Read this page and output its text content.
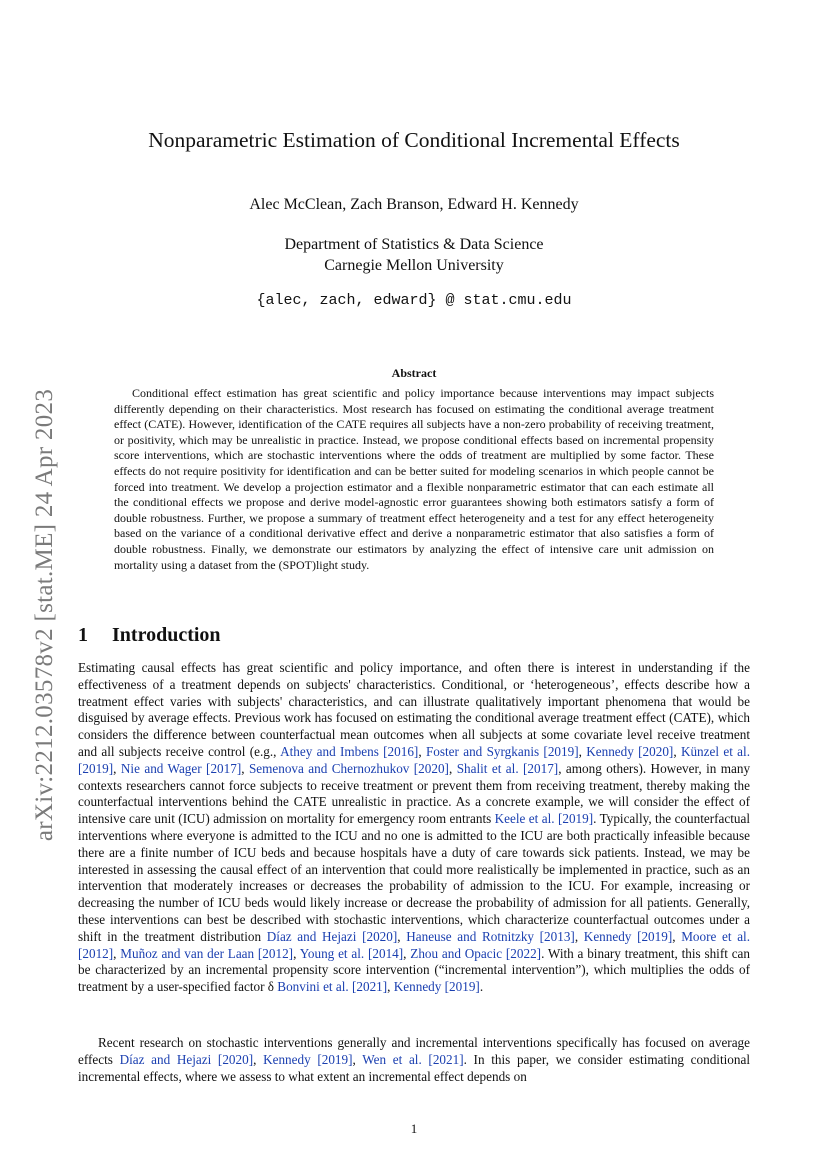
arXiv:2212.03578v2 [stat.ME] 24 Apr 2023
Nonparametric Estimation of Conditional Incremental Effects
Alec McClean, Zach Branson, Edward H. Kennedy
Department of Statistics & Data Science
Carnegie Mellon University
{alec, zach, edward} @ stat.cmu.edu
Abstract

Conditional effect estimation has great scientific and policy importance because interventions may impact subjects differently depending on their characteristics. Most research has focused on estimating the conditional average treatment effect (CATE). However, identification of the CATE requires all subjects have a non-zero probability of receiving treatment, or positivity, which may be unrealistic in practice. Instead, we propose conditional effects based on incremental propensity score interventions, which are stochastic interventions where the odds of treatment are multiplied by some factor. These effects do not require positivity for identification and can be better suited for modeling scenarios in which people cannot be forced into treatment. We develop a projection estimator and a flexible nonparametric estimator that can each estimate all the conditional effects we propose and derive model-agnostic error guarantees showing both estimators satisfy a form of double robustness. Further, we propose a summary of treatment effect heterogeneity and a test for any effect heterogeneity based on the variance of a conditional derivative effect and derive a nonparametric estimator that also satisfies a form of double robustness. Finally, we demonstrate our estimators by analyzing the effect of intensive care unit admission on mortality using a dataset from the (SPOT)light study.

1 Introduction

Estimating causal effects has great scientific and policy importance, and often there is interest in understanding if the effectiveness of a treatment depends on subjects' characteristics. Conditional, or ‘heterogeneous’, effects describe how a treatment effect varies with subjects' characteristics, and can illustrate qualitatively important phenomena that would be disguised by average effects. Previous work has focused on estimating the conditional average treatment effect (CATE), which considers the difference between counterfactual mean outcomes when all subjects at some covariate level receive treatment and all subjects receive control (e.g., Athey and Imbens [2016], Foster and Syrgkanis [2019], Kennedy [2020], Künzel et al. [2019], Nie and Wager [2017], Semenova and Chernozhukov [2020], Shalit et al. [2017], among others). However, in many contexts researchers cannot force subjects to receive treatment or prevent them from receiving treatment, thereby making the counterfactual interventions behind the CATE unrealistic in practice. As a concrete example, we will consider the effect of intensive care unit (ICU) admission on mortality for emergency room entrants Keele et al. [2019]. Typically, the counterfactual interventions where everyone is admitted to the ICU and no one is admitted to the ICU are both practically infeasible because there are a finite number of ICU beds and because hospitals have a duty of care towards sick patients. Instead, we may be interested in assessing the causal effect of an intervention that could more realistically be implemented in practice, such as an intervention that moderately increases or decreases the probability of admission to the ICU. For example, increasing or decreasing the number of ICU beds would likely increase or decrease the probability of admission for all patients. Generally, these interventions can best be described with stochastic interventions, which characterize counterfactual outcomes under a shift in the treatment distribution Díaz and Hejazi [2020], Haneuse and Rotnitzky [2013], Kennedy [2019], Moore et al. [2012], Muñoz and van der Laan [2012], Young et al. [2014], Zhou and Opacic [2022]. With a binary treatment, this shift can be characterized by an incremental propensity score intervention (“incremental intervention”), which multiplies the odds of treatment by a user-specified factor δ Bonvini et al. [2021], Kennedy [2019].

Recent research on stochastic interventions generally and incremental interventions specifically has focused on average effects Díaz and Hejazi [2020], Kennedy [2019], Wen et al. [2021]. In this paper, we consider estimating conditional incremental effects, where we assess to what extent an incremental effect depends on

1
